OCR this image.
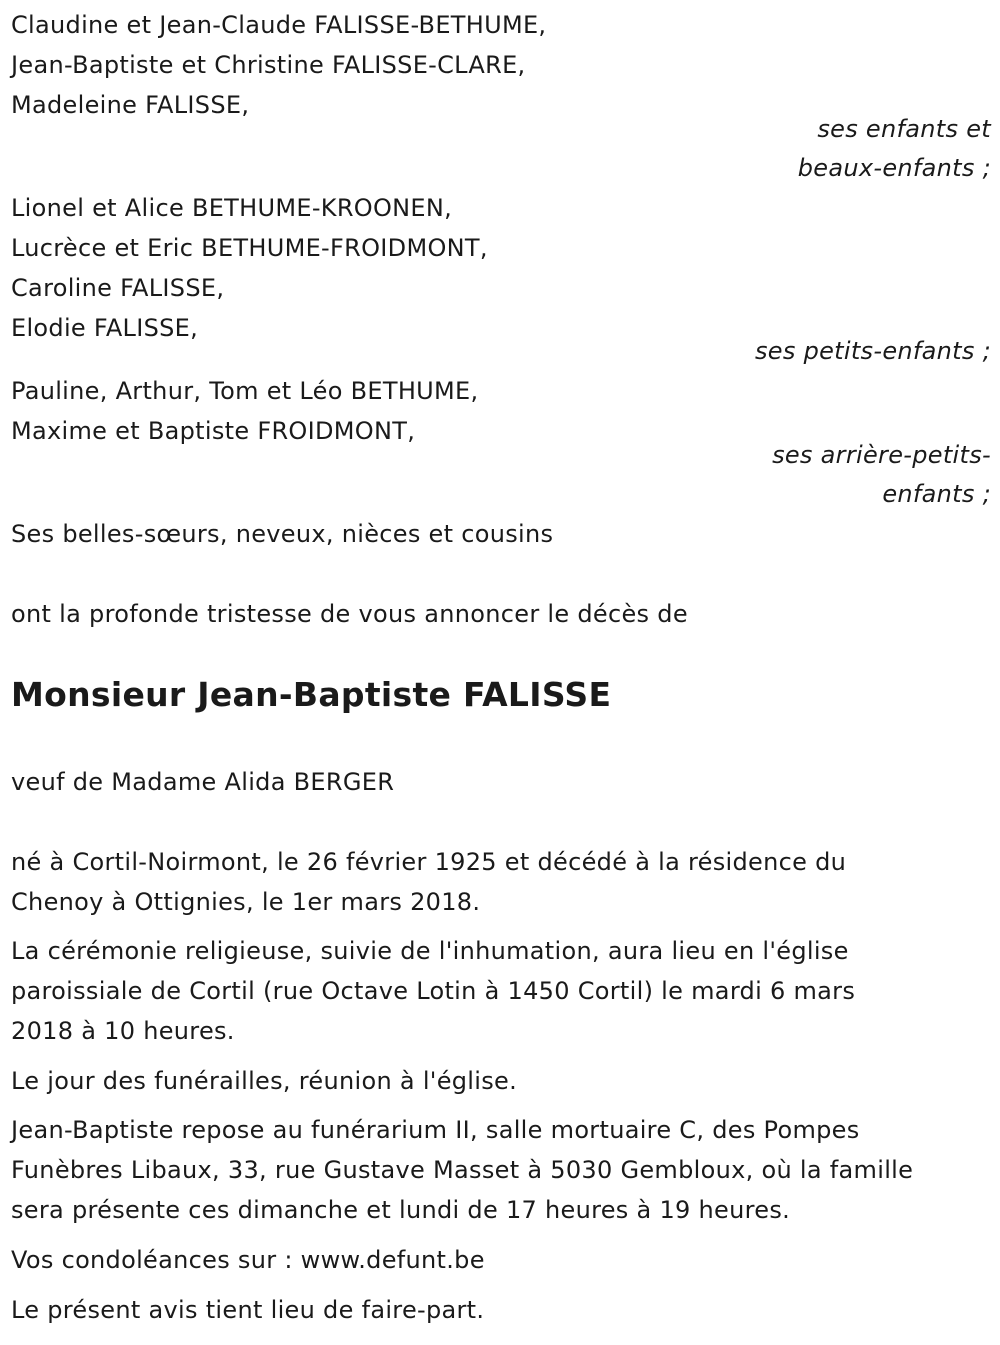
Claudine et Jean-Claude FALISSE-BETHUME,
Jean-Baptiste et Christine FALISSE-CLARE,
Madeleine FALISSE,
ses enfants et
beaux-enfants ;
Lionel et Alice BETHUME-KROONEN,
Lucrèce et Eric BETHUME-FROIDMONT,
Caroline FALISSE,
Elodie FALISSE,
ses petits-enfants ;
Pauline, Arthur, Tom et Léo BETHUME,
Maxime et Baptiste FROIDMONT,
ses arrière-petits-
enfants ;
Ses belles-sœurs, neveux, nièces et cousins
ont la profonde tristesse de vous annoncer le décès de
Monsieur Jean-Baptiste FALISSE
veuf de Madame Alida BERGER
né à Cortil-Noirmont, le 26 février 1925 et décédé à la résidence du
Chenoy à Ottignies, le 1er mars 2018.
La cérémonie religieuse, suivie de l'inhumation, aura lieu en l'église
paroissiale de Cortil (rue Octave Lotin à 1450 Cortil) le mardi 6 mars
2018 à 10 heures.
Le jour des funérailles, réunion à l'église.
Jean-Baptiste repose au funérarium II, salle mortuaire C, des Pompes
Funèbres Libaux, 33, rue Gustave Masset à 5030 Gembloux, où la famille
sera présente ces dimanche et lundi de 17 heures à 19 heures.
Vos condoléances sur : www.defunt.be
Le présent avis tient lieu de faire-part.
